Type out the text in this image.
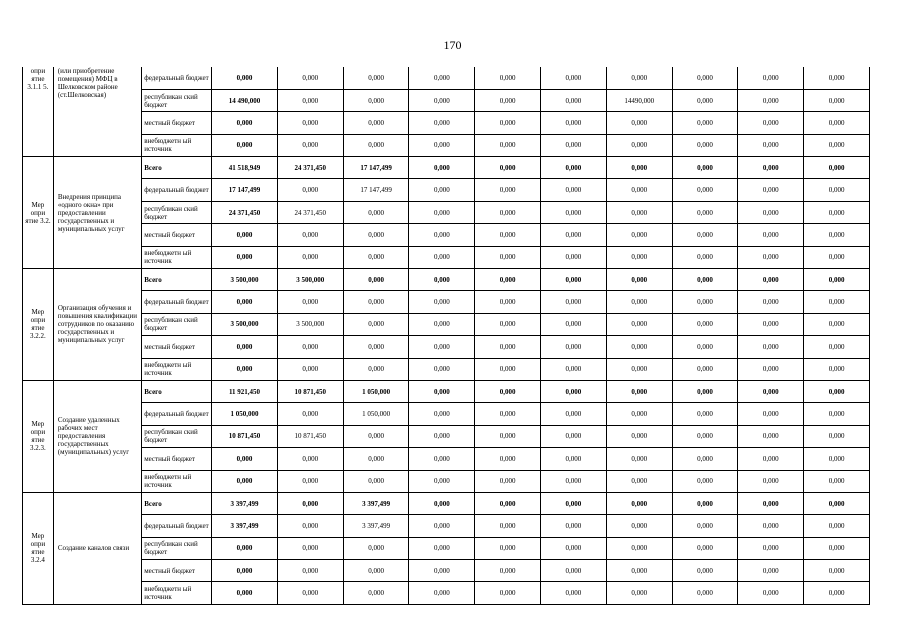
170
опри ятие 3.1.1 5.	(или приобретение помещения) МФЦ в Шелковском районе (ст.Шелковская)	федеральный бюджет	0,000	0,000	0,000	0,000	0,000	0,000	0,000	0,000	0,000	0,000
		республикан ский бюджет	14 490,000	0,000	0,000	0,000	0,000	0,000	14490,000	0,000	0,000	0,000
		местный бюджет	0,000	0,000	0,000	0,000	0,000	0,000	0,000	0,000	0,000	0,000
		внебюджетн ый источник	0,000	0,000	0,000	0,000	0,000	0,000	0,000	0,000	0,000	0,000
Мер опри ятие 3.2.	Внедрения принципа «одного окна» при предоставлении государственных и муниципальных услуг	Всего	41 518,949	24 371,450	17 147,499	0,000	0,000	0,000	0,000	0,000	0,000	0,000
		федеральный бюджет	17 147,499	0,000	17 147,499	0,000	0,000	0,000	0,000	0,000	0,000	0,000
		республикан ский бюджет	24 371,450	24 371,450	0,000	0,000	0,000	0,000	0,000	0,000	0,000	0,000
		местный бюджет	0,000	0,000	0,000	0,000	0,000	0,000	0,000	0,000	0,000	0,000
		внебюджетн ый источник	0,000	0,000	0,000	0,000	0,000	0,000	0,000	0,000	0,000	0,000
Мер опри ятие 3.2.2.	Организация обучения и повышения квалификации сотрудников по оказанию государственных и муниципальных услуг	Всего	3 500,000	3 500,000	0,000	0,000	0,000	0,000	0,000	0,000	0,000	0,000
		федеральный бюджет	0,000	0,000	0,000	0,000	0,000	0,000	0,000	0,000	0,000	0,000
		республикан ский бюджет	3 500,000	3 500,000	0,000	0,000	0,000	0,000	0,000	0,000	0,000	0,000
		местный бюджет	0,000	0,000	0,000	0,000	0,000	0,000	0,000	0,000	0,000	0,000
		внебюджетн ый источник	0,000	0,000	0,000	0,000	0,000	0,000	0,000	0,000	0,000	0,000
Мер опри ятие 3.2.3.	Создание удаленных рабочих мест предоставления государственных (муниципальных) услуг	Всего	11 921,450	10 871,450	1 050,000	0,000	0,000	0,000	0,000	0,000	0,000	0,000
		федеральный бюджет	1 050,000	0,000	1 050,000	0,000	0,000	0,000	0,000	0,000	0,000	0,000
		республикан ский бюджет	10 871,450	10 871,450	0,000	0,000	0,000	0,000	0,000	0,000	0,000	0,000
		местный бюджет	0,000	0,000	0,000	0,000	0,000	0,000	0,000	0,000	0,000	0,000
		внебюджетн ый источник	0,000	0,000	0,000	0,000	0,000	0,000	0,000	0,000	0,000	0,000
Мер опри ятие 3.2.4	Создание каналов связи	Всего	3 397,499	0,000	3 397,499	0,000	0,000	0,000	0,000	0,000	0,000	0,000
		федеральный бюджет	3 397,499	0,000	3 397,499	0,000	0,000	0,000	0,000	0,000	0,000	0,000
		республикан ский бюджет	0,000	0,000	0,000	0,000	0,000	0,000	0,000	0,000	0,000	0,000
		местный бюджет	0,000	0,000	0,000	0,000	0,000	0,000	0,000	0,000	0,000	0,000
		внебюджетн ый источник	0,000	0,000	0,000	0,000	0,000	0,000	0,000	0,000	0,000	0,000
